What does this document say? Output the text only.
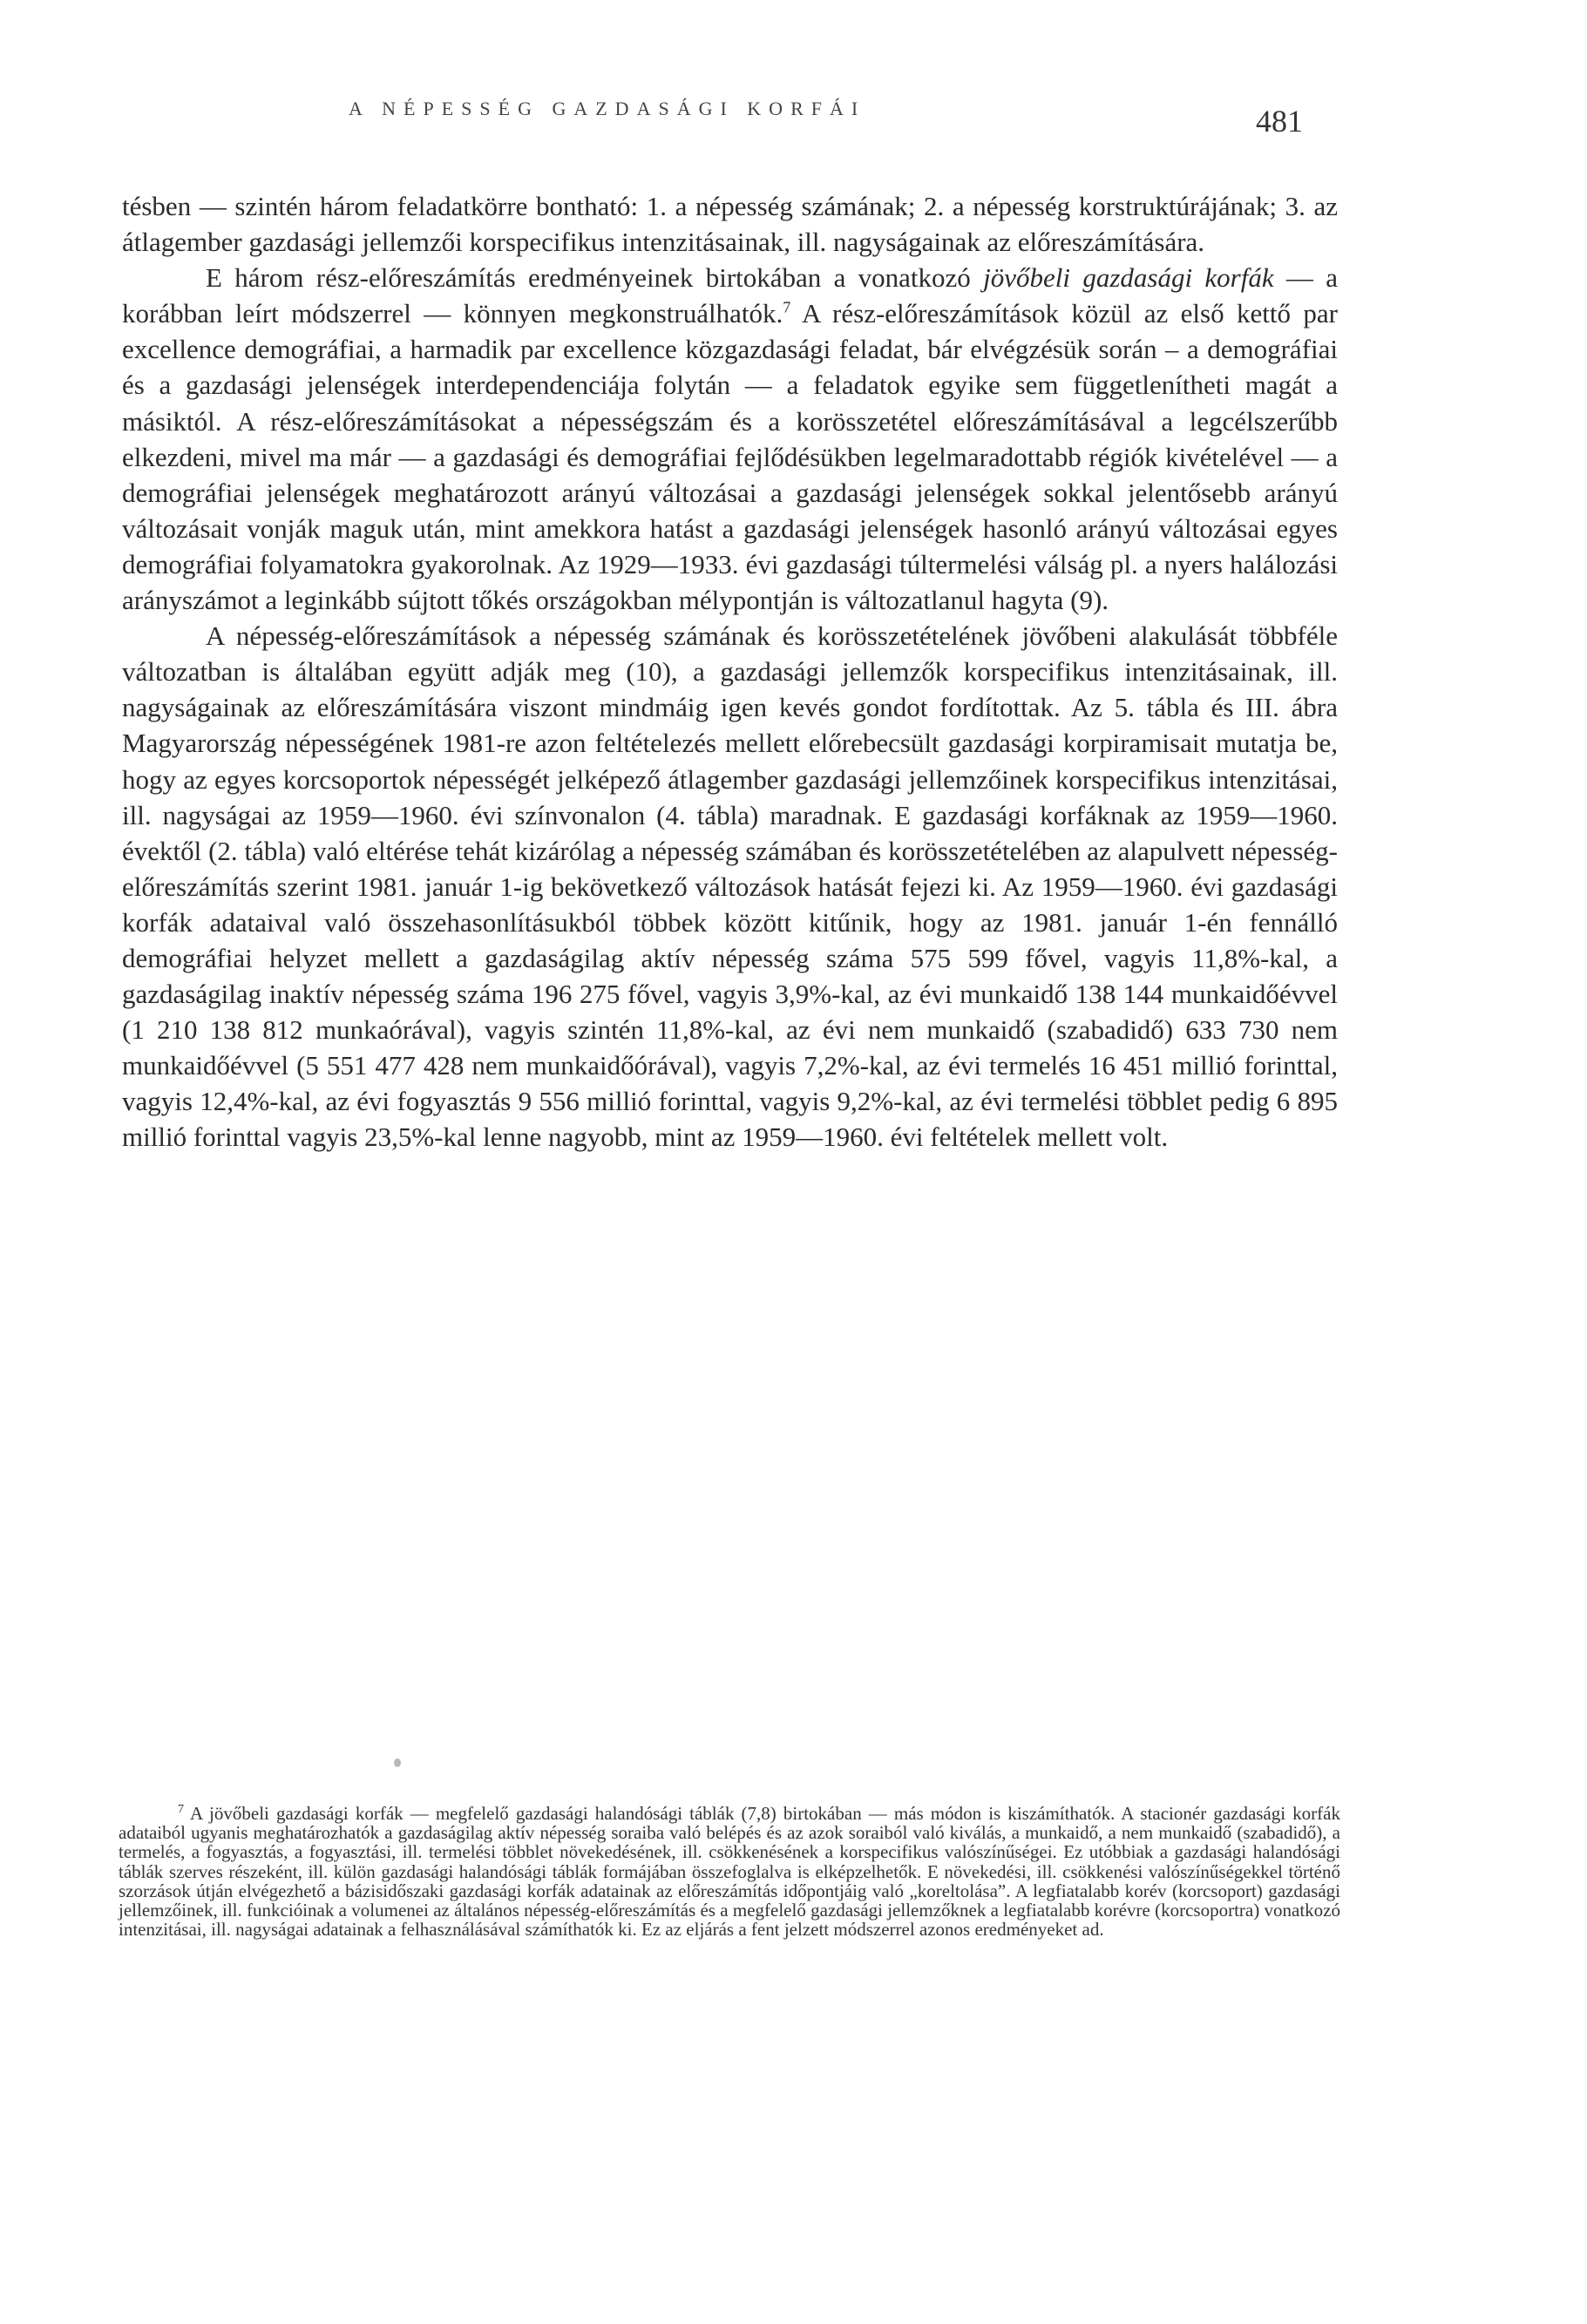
A NÉPESSÉG GAZDASÁGI KORFÁI	481

tésben — szintén három feladatkörre bontható: 1. a népesség számának; 2. a népesség korstruktúrájának; 3. az átlagember gazdasági jellemzői korspecifikus intenzitásainak, ill. nagyságainak az előreszámítására.

E három rész-előreszámítás eredményeinek birtokában a vonatkozó jövőbeli gazdasági korfák — a korábban leírt módszerrel — könnyen megkonstruálhatók.$^7$ A rész-előreszámítások közül az első kettő par excellence demográfiai, a harmadik par excellence közgazdasági feladat, bár elvégzésük során – a demográfiai és a gazdasági jelenségek interdependenciája folytán — a feladatok egyike sem függetlenítheti magát a másiktól. A rész-előreszámításokat a népességszám és a korösszetétel előreszámításával a legcélszerűbb elkezdeni, mivel ma már — a gazdasági és demográfiai fejlődésükben legelmaradottabb régiók kivételével — a demográfiai jelenségek meghatározott arányú változásai a gazdasági jelenségek sokkal jelentősebb arányú változásait vonják maguk után, mint amekkora hatást a gazdasági jelenségek hasonló arányú változásai egyes demográfiai folyamatokra gyakorolnak. Az 1929—1933. évi gazdasági túltermelési válság pl. a nyers halálozási arányszámot a leginkább sújtott tőkés országokban mélypontján is változatlanul hagyta (9).

A népesség-előreszámítások a népesség számának és korösszetételének jövőbeni alakulását többféle változatban is általában együtt adják meg (10), a gazdasági jellemzők korspecifikus intenzitásainak, ill. nagyságainak az előreszámítására viszont mindmáig igen kevés gondot fordítottak. Az 5. tábla és III. ábra Magyarország népességének 1981-re azon feltételezés mellett előrebecsült gazdasági korpiramisait mutatja be, hogy az egyes korcsoportok népességét jelképező átlagember gazdasági jellemzőinek korspecifikus intenzitásai, ill. nagyságai az 1959—1960. évi színvonalon (4. tábla) maradnak. E gazdasági korfáknak az 1959—1960. évektől (2. tábla) való eltérése tehát kizárólag a népesség számában és korösszetételében az alapulvett népesség-előreszámítás szerint 1981. január 1-ig bekövetkező változások hatását fejezi ki. Az 1959—1960. évi gazdasági korfák adataival való összehasonlításukból többek között kitűnik, hogy az 1981. január 1-én fennálló demográfiai helyzet mellett a gazdaságilag aktív népesség száma 575 599 fővel, vagyis 11,8%-kal, a gazdaságilag inaktív népesség száma 196 275 fővel, vagyis 3,9%-kal, az évi munkaidő 138 144 munkaidőévvel (1 210 138 812 munkaórával), vagyis szintén 11,8%-kal, az évi nem munkaidő (szabadidő) 633 730 nem munkaidőévvel (5 551 477 428 nem munkaidőórával), vagyis 7,2%-kal, az évi termelés 16 451 millió forinttal, vagyis 12,4%-kal, az évi fogyasztás 9 556 millió forinttal, vagyis 9,2%-kal, az évi termelési többlet pedig 6 895 millió forinttal vagyis 23,5%-kal lenne nagyobb, mint az 1959—1960. évi feltételek mellett volt.

$^7$ A jövőbeli gazdasági korfák — megfelelő gazdasági halandósági táblák (7,8) birtokában — más módon is kiszámíthatók. A stacionér gazdasági korfák adataiból ugyanis meghatározhatók a gazdaságilag aktív népesség soraiba való belépés és az azok soraiból való kiválás, a munkaidő, a nem munkaidő (szabadidő), a termelés, a fogyasztás, a fogyasztási, ill. termelési többlet növekedésének, ill. csökkenésének a korspecifikus valószínűségei. Ez utóbbiak a gazdasági halandósági táblák szerves részeként, ill. külön gazdasági halandósági táblák formájában összefoglalva is elképzelhetők. E növekedési, ill. csökkenési valószínűségekkel történő szorzások útján elvégezhető a bázisidőszaki gazdasági korfák adatainak az előreszámítás időpontjáig való „koreltolása”. A legfiatalabb korév (korcsoport) gazdasági jellemzőinek, ill. funkcióinak a volumenei az általános népesség-előreszámítás és a megfelelő gazdasági jellemzőknek a legfiatalabb korévre (korcsoportra) vonatkozó intenzitásai, ill. nagyságai adatainak a felhasználásával számíthatók ki. Ez az eljárás a fent jelzett módszerrel azonos eredményeket ad.
